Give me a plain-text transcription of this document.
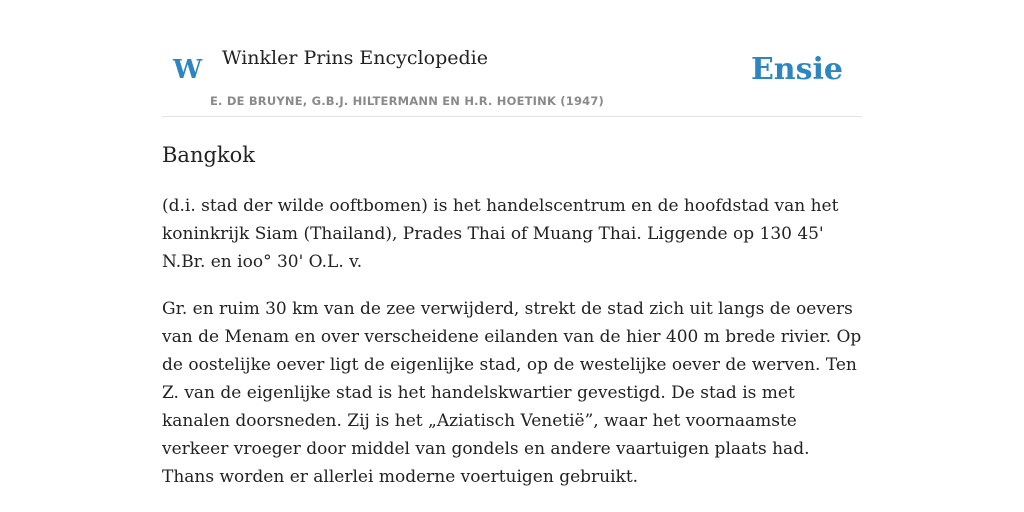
W Winkler Prins Encyclopedie
E. DE BRUYNE, G.B.J. HILTERMANN EN H.R. HOETINK (1947)
Ensie
Bangkok

(d.i. stad der wilde ooftbomen) is het handelscentrum en de hoofdstad van het koninkrijk Siam (Thailand), Prades Thai of Muang Thai. Liggende op 130 45' N.Br. en ioo° 30' O.L. v.

Gr. en ruim 30 km van de zee verwijderd, strekt de stad zich uit langs de oevers van de Menam en over verscheidene eilanden van de hier 400 m brede rivier. Op de oostelijke oever ligt de eigenlijke stad, op de westelijke oever de werven. Ten Z. van de eigenlijke stad is het handelskwartier gevestigd. De stad is met kanalen doorsneden. Zij is het „Aziatisch Venetië”, waar het voornaamste verkeer vroeger door middel van gondels en andere vaartuigen plaats had. Thans worden er allerlei moderne voertuigen gebruikt.
